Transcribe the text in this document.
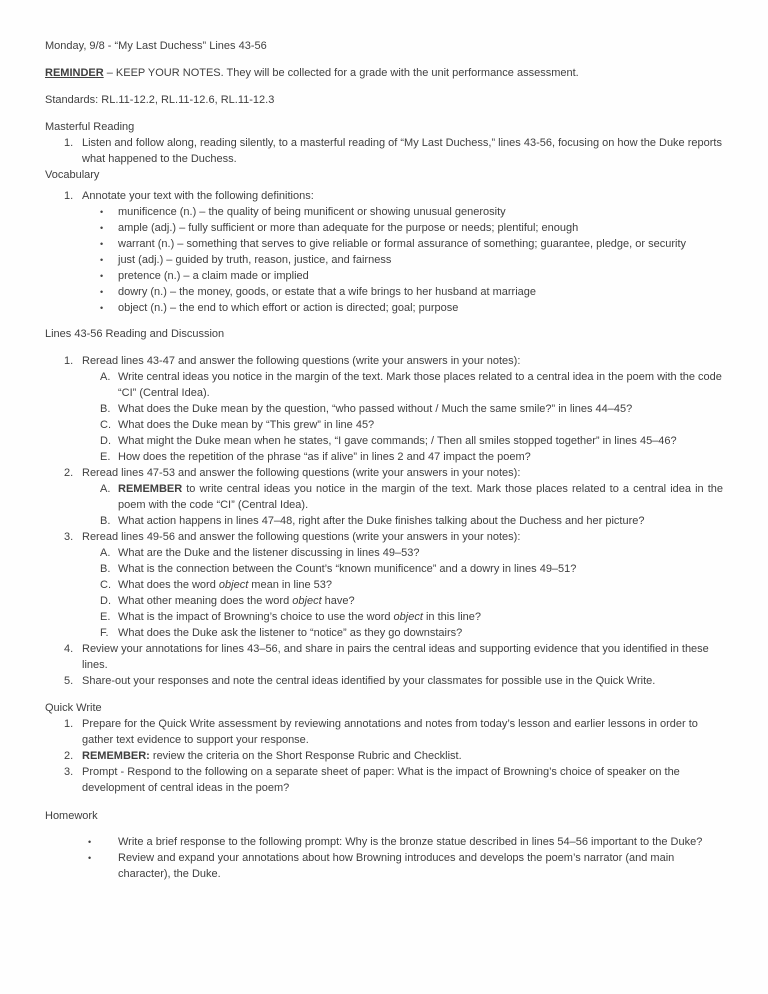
Monday, 9/8 - “My Last Duchess” Lines 43-56

REMINDER – KEEP YOUR NOTES. They will be collected for a grade with the unit performance assessment.

Standards: RL.11-12.2, RL.11-12.6, RL.11-12.3

Masterful Reading

1. Listen and follow along, reading silently, to a masterful reading of “My Last Duchess,” lines 43-56, focusing on how the Duke reports what happened to the Duchess.

Vocabulary

1. Annotate your text with the following definitions:
•	munificence (n.) – the quality of being munificent or showing unusual generosity
•	ample (adj.) – fully sufficient or more than adequate for the purpose or needs; plentiful; enough
•	warrant (n.) – something that serves to give reliable or formal assurance of something; guarantee, pledge, or security
•	just (adj.) – guided by truth, reason, justice, and fairness
•	pretence (n.) – a claim made or implied
•	dowry (n.) – the money, goods, or estate that a wife brings to her husband at marriage
•	object (n.) – the end to which effort or action is directed; goal; purpose

Lines 43-56 Reading and Discussion

1. Reread lines 43-47 and answer the following questions (write your answers in your notes):
A. Write central ideas you notice in the margin of the text. Mark those places related to a central idea in the poem with the code “CI” (Central Idea).
B. What does the Duke mean by the question, “who passed without / Much the same smile?” in lines 44–45?
C. What does the Duke mean by “This grew” in line 45?
D. What might the Duke mean when he states, “I gave commands; / Then all smiles stopped together” in lines 45–46?
E. How does the repetition of the phrase “as if alive” in lines 2 and 47 impact the poem?
2. Reread lines 47-53 and answer the following questions (write your answers in your notes):
A. REMEMBER to write central ideas you notice in the margin of the text. Mark those places related to a central idea in the poem with the code “CI” (Central Idea).
B. What action happens in lines 47–48, right after the Duke finishes talking about the Duchess and her picture?
3. Reread lines 49-56 and answer the following questions (write your answers in your notes):
A. What are the Duke and the listener discussing in lines 49–53?
B. What is the connection between the Count’s “known munificence” and a dowry in lines 49–51?
C. What does the word object mean in line 53?
D. What other meaning does the word object have?
E. What is the impact of Browning’s choice to use the word object in this line?
F. What does the Duke ask the listener to “notice” as they go downstairs?
4. Review your annotations for lines 43–56, and share in pairs the central ideas and supporting evidence that you identified in these lines.
5. Share-out your responses and note the central ideas identified by your classmates for possible use in the Quick Write.

Quick Write

1. Prepare for the Quick Write assessment by reviewing annotations and notes from today’s lesson and earlier lessons in order to gather text evidence to support your response.
2. REMEMBER: review the criteria on the Short Response Rubric and Checklist.
3. Prompt - Respond to the following on a separate sheet of paper: What is the impact of Browning’s choice of speaker on the development of central ideas in the poem?

Homework

•	Write a brief response to the following prompt: Why is the bronze statue described in lines 54–56 important to the Duke?
•	Review and expand your annotations about how Browning introduces and develops the poem’s narrator (and main character), the Duke.
